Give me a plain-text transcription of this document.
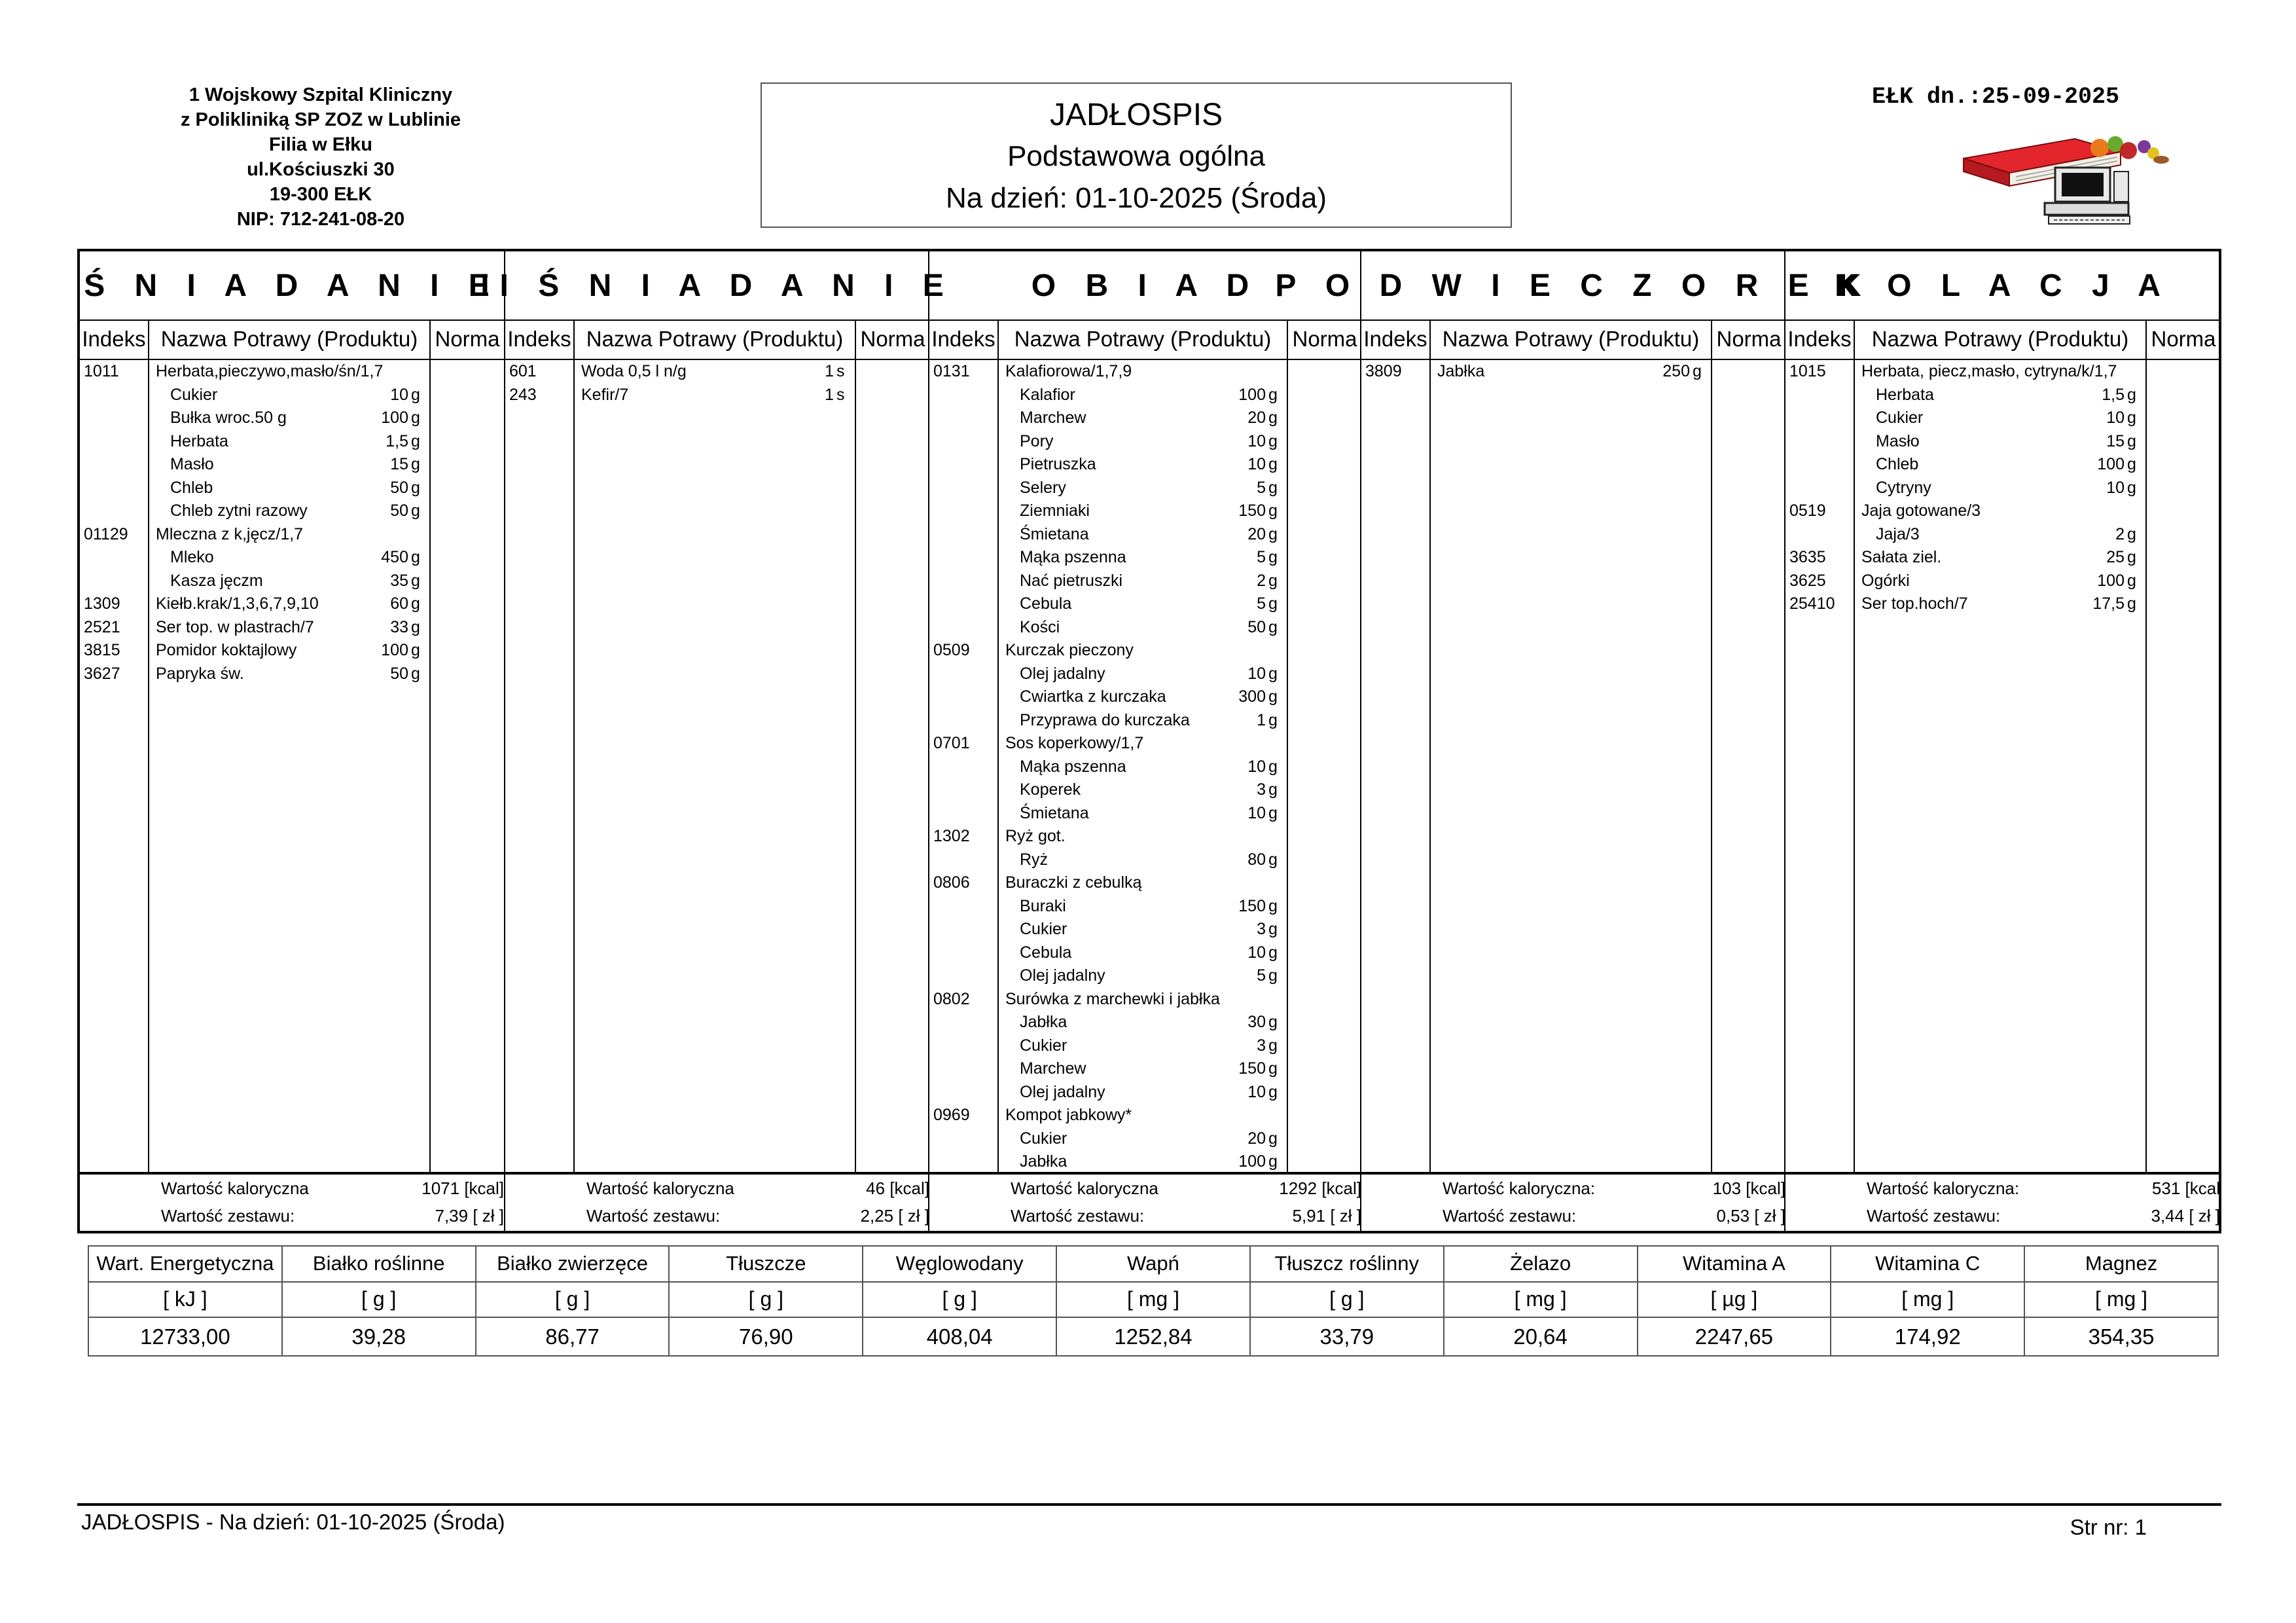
1 Wojskowy Szpital Kliniczny
z Polikliniką SP ZOZ w Lublinie
Filia w Ełku
ul.Kościuszki 30
19-300 EŁK
NIP: 712-241-08-20
JADŁOSPIS
Podstawowa ogólna
Na dzień: 01-10-2025 (Środa)
EŁK dn.:25-09-2025
Ś N I A D A N I E
Indeks Nazwa Potrawy (Produktu) Norma
1011 Herbata,pieczywo,masło/śn/1,7
Cukier	10 g
Bułka wroc.50 g	100 g
Herbata	1,5 g
Masło	15 g
Chleb	50 g
Chleb zytni razowy	50 g
01129 Mleczna z k,jęcz/1,7
Mleko	450 g
Kasza jęczm	35 g
1309 Kiełb.krak/1,3,6,7,9,10	60 g
2521 Ser top. w plastrach/7	33 g
3815 Pomidor koktajlowy	100 g
3627 Papryka św.	50 g
Wartość kaloryczna	1071 [kcal]
Wartość zestawu:	7,39 [ zł ]
II Ś N I A D A N I E
Indeks Nazwa Potrawy (Produktu) Norma
601	Woda 0,5 l n/g	1 s
243	Kefir/7	1 s
Wartość kaloryczna	46 [kcal]
Wartość zestawu:	2,25 [ zł ]
O B I A D
Indeks Nazwa Potrawy (Produktu) Norma
0131 Kalafiorowa/1,7,9
Kalafior	100 g
Marchew	20 g
Pory	10 g
Pietruszka	10 g
Selery	5 g
Ziemniaki	150 g
Śmietana	20 g
Mąka pszenna	5 g
Nać pietruszki	2 g
Cebula	5 g
Kości	50 g
0509 Kurczak pieczony
Olej jadalny	10 g
Cwiartka z kurczaka	300 g
Przyprawa do kurczaka	1 g
0701 Sos koperkowy/1,7
Mąka pszenna	10 g
Koperek	3 g
Śmietana	10 g
1302 Ryż got.
Ryż	80 g
0806 Buraczki z cebulką
Buraki	150 g
Cukier	3 g
Cebula	10 g
Olej jadalny	5 g
0802 Surówka z marchewki i jabłka
Jabłka	30 g
Cukier	3 g
Marchew	150 g
Olej jadalny	10 g
0969 Kompot jabkowy*
Cukier	20 g
Jabłka	100 g
Wartość kaloryczna	1292 [kcal]
Wartość zestawu:	5,91 [ zł ]
P O D W I E C Z O R E K
Indeks Nazwa Potrawy (Produktu) Norma
3809 Jabłka	250 g
Wartość kaloryczna:	103 [kcal]
Wartość zestawu:	0,53 [ zł ]
K O L A C J A
Indeks Nazwa Potrawy (Produktu)	Norma
1015 Herbata, piecz,masło, cytryna/k/1,7
Herbata	1,5 g
Cukier	10 g
Masło	15 g
Chleb	100 g
Cytryny	10 g
0519 Jaja gotowane/3
Jaja/3	2 g
3635 Sałata ziel.	25 g
3625 Ogórki	100 g
25410 Ser top.hoch/7	17,5 g
Wartość kaloryczna:	531 [kcal
Wartość zestawu:	3,44 [ zł ]
Wart. Energetyczna	Białko roślinne	Białko zwierzęce	Tłuszcze	Węglowodany	Wapń	Tłuszcz roślinny	Żelazo	Witamina A	Witamina C	Magnez
[ kJ ]	[ g ]	[ g ]	[ g ]	[ g ]	[ mg ]	[ g ]	[ mg ]	[ µg ]	[ mg ]	[ mg ]
12733,00	39,28	86,77	76,90	408,04	1252,84	33,79	20,64	2247,65	174,92	354,35
JADŁOSPIS - Na dzień: 01-10-2025 (Środa)	Str nr: 1
